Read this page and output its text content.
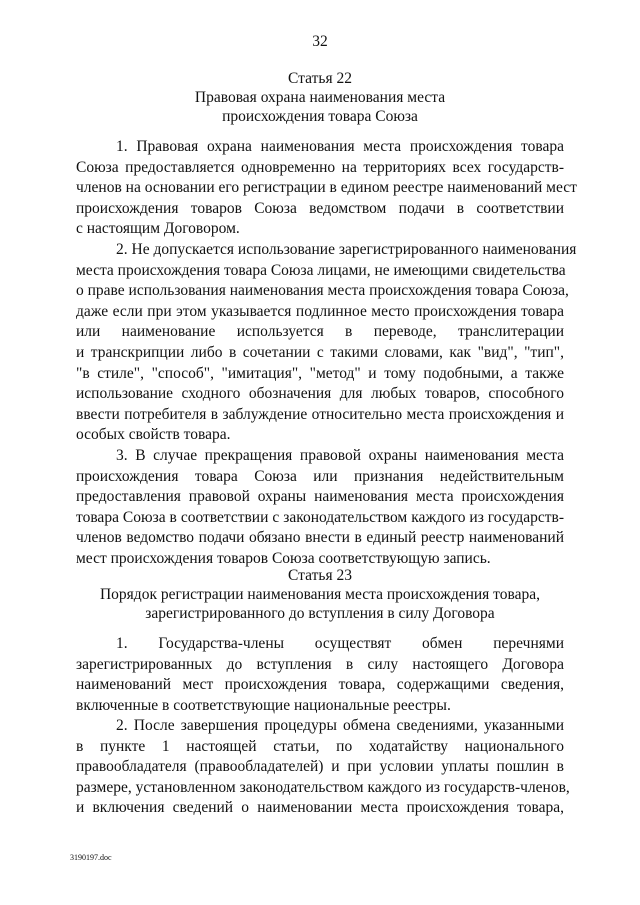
32
Статья 22
Правовая охрана наименования места
происхождения товара Союза
1. Правовая охрана наименования места происхождения товара
Союза предоставляется одновременно на территориях всех государств-
членов на основании его регистрации в едином реестре наименований мест
происхождения товаров Союза ведомством подачи в соответствии
с настоящим Договором.
2. Не допускается использование зарегистрированного наименования
места происхождения товара Союза лицами, не имеющими свидетельства
о праве использования наименования места происхождения товара Союза,
даже если при этом указывается подлинное место происхождения товара
или наименование используется в переводе, транслитерации
и транскрипции либо в сочетании с такими словами, как "вид", "тип",
"в стиле", "способ", "имитация", "метод" и тому подобными, а также
использование сходного обозначения для любых товаров, способного
ввести потребителя в заблуждение относительно места происхождения и
особых свойств товара.
3. В случае прекращения правовой охраны наименования места
происхождения товара Союза или признания недействительным
предоставления правовой охраны наименования места происхождения
товара Союза в соответствии с законодательством каждого из государств-
членов ведомство подачи обязано внести в единый реестр наименований
мест происхождения товаров Союза соответствующую запись.
Статья 23
Порядок регистрации наименования места происхождения товара,
зарегистрированного до вступления в силу Договора
1. Государства-члены осуществят обмен перечнями
зарегистрированных до вступления в силу настоящего Договора
наименований мест происхождения товара, содержащими сведения,
включенные в соответствующие национальные реестры.
2. После завершения процедуры обмена сведениями, указанными
в пункте 1 настоящей статьи, по ходатайству национального
правообладателя (правообладателей) и при условии уплаты пошлин в
размере, установленном законодательством каждого из государств-членов,
и включения сведений о наименовании места происхождения товара,
3190197.doc
